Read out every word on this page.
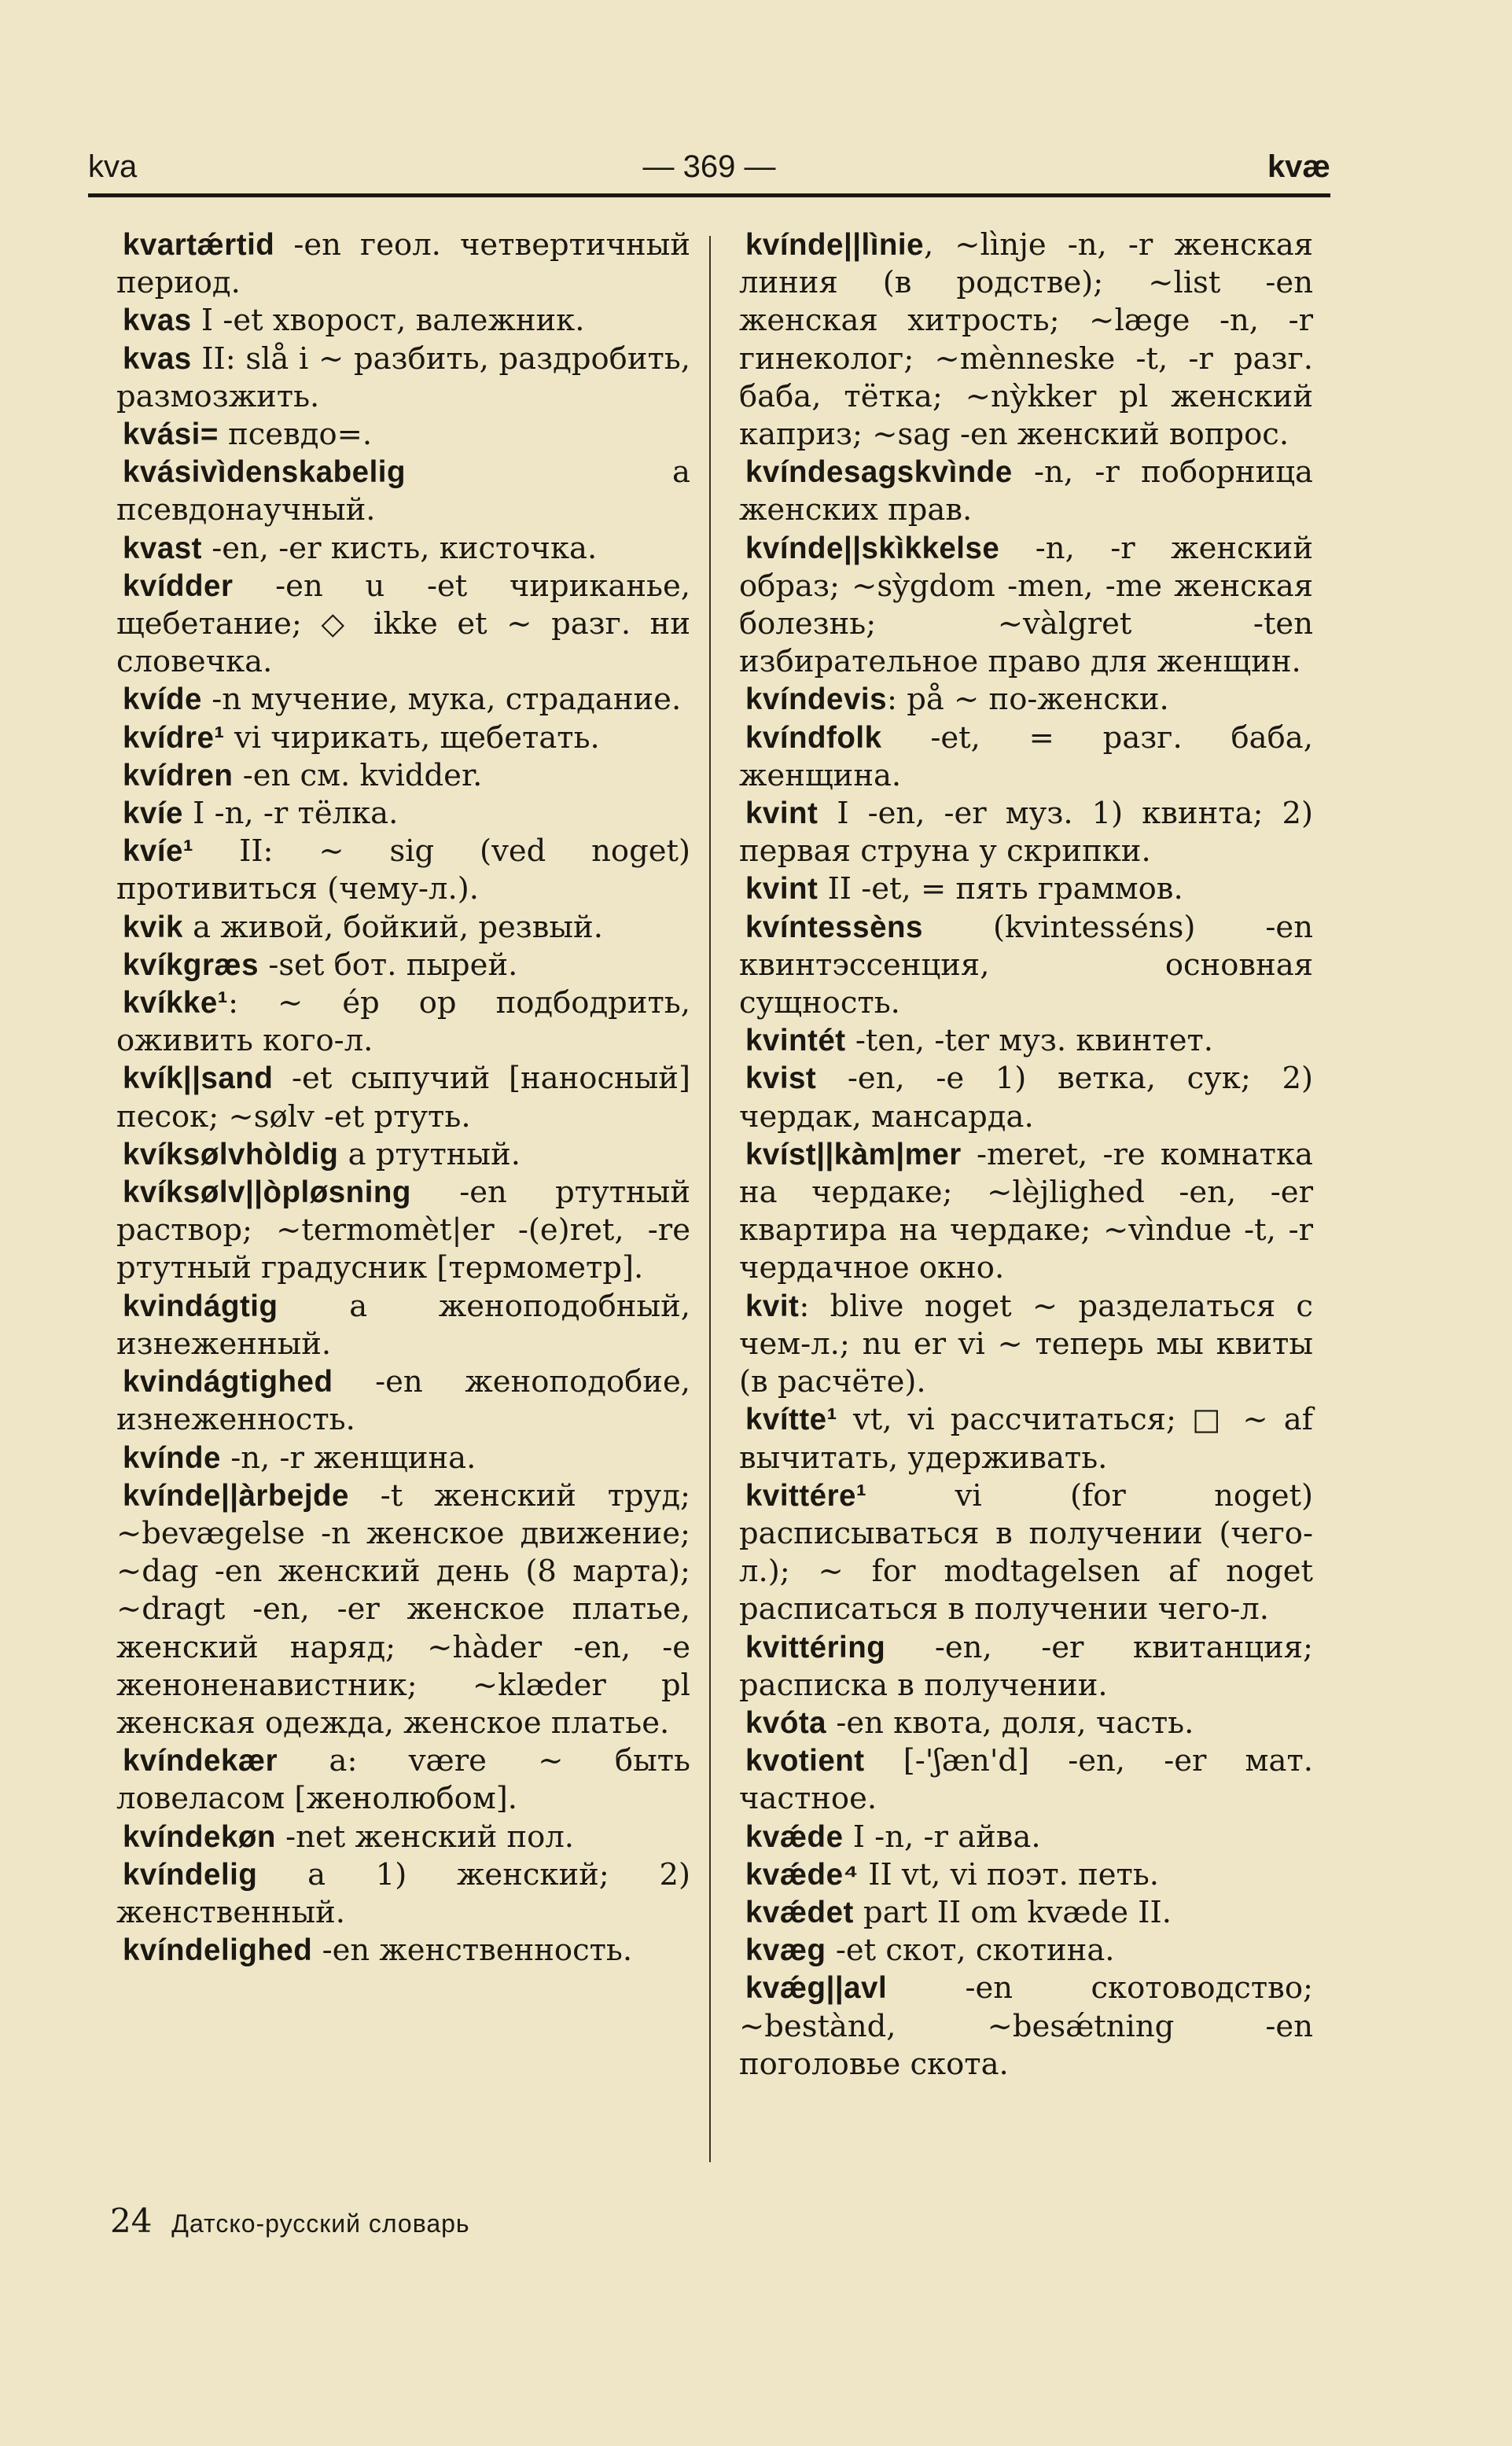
kva	— 369 —	kvæ

kvartǽrtid -en геол. четвертичный период.

kvas I -et хворост, валежник.

kvas II: slå i ∼ разбить, раздробить, размозжить.

kvási= псевдо=.

kvásivìdenskabelig a псевдонаучный.

kvast -en, -er кисть, кисточка.

kvídder -en u -et чириканье, щебетание; ◇ ikke et ∼ разг. ни словечка.

kvíde -n мучение, мука, страдание.

kvídre¹ vi чирикать, щебетать.

kvídren -en см. kvidder.

kvíe I -n, -r тёлка.

kvíe¹ II: ∼ sig (ved noget) противиться (чему-л.).

kvik a живой, бойкий, резвый.

kvíkgræs -set бот. пырей.

kvíkke¹: ∼ ép op подбодрить, оживить кого-л.

kvík||sand -et сыпучий [наносный] песок; ∼sølv -et ртуть.

kvíksølvhòldig a ртутный.

kvíksølv||òpløsning -en ртутный раствор; ∼termomèt|er -(e)ret, -re ртутный градусник [термометр].

kvindágtig a женоподобный, изнеженный.

kvindágtighed -en женоподобие, изнеженность.

kvínde -n, -r женщина.

kvínde||àrbejde -t женский труд; ∼bevægelse -n женское движение; ∼dag -en женский день (8 марта); ∼dragt -en, -er женское платье, женский наряд; ∼hàder -en, -e женоненавистник; ∼klæder pl женская одежда, женское платье.

kvíndekær a: være ∼ быть ловеласом [женолюбом].

kvíndekøn -net женский пол.

kvíndelig a 1) женский; 2) женственный.

kvíndelighed -en женственность.

kvínde||lìnie, ∼lìnje -n, -r женская линия (в родстве); ∼list -en женская хитрость; ∼læge -n, -r гинеколог; ∼mènneske -t, -r разг. баба, тётка; ∼nỳkker pl женский каприз; ∼sag -en женский вопрос.

kvíndesagskvìnde -n, -r поборница женских прав.

kvínde||skìkkelse -n, -r женский образ; ∼sỳgdom -men, -me женская болезнь; ∼vàlgret -ten избирательное право для женщин.

kvíndevis: på ∼ по-женски.

kvíndfolk -et, = разг. баба, женщина.

kvint I -en, -er муз. 1) квинта; 2) первая струна у скрипки.

kvint II -et, = пять граммов.

kvíntessèns (kvintesséns) -en квинтэссенция, основная сущность.

kvintét -ten, -ter муз. квинтет.

kvist -en, -e 1) ветка, сук; 2) чердак, мансарда.

kvíst||kàm|mer -meret, -re комнатка на чердаке; ∼lèjlighed -en, -er квартира на чердаке; ∼vìndue -t, -r чердачное окно.

kvit: blive noget ∼ разделаться с чем-л.; nu er vi ∼ теперь мы квиты (в расчёте).

kvítte¹ vt, vi рассчитаться; □ ∼ af вычитать, удерживать.

kvittére¹ vi (for noget) расписываться в получении (чего-л.); ∼ for modtagelsen af noget расписаться в получении чего-л.

kvittéring -en, -er квитанция; расписка в получении.

kvóta -en квота, доля, часть.

kvotient [-'ʃæn'd] -en, -er мат. частное.

kvǽde I -n, -r айва.

kvǽde⁴ II vt, vi поэт. петь.

kvǽdet part II om kvæde II.

kvæg -et скот, скотина.

kvǽg||avl -en скотоводство; ∼bestànd, ∼besǽtning -en поголовье скота.

24 Датско-русский словарь
